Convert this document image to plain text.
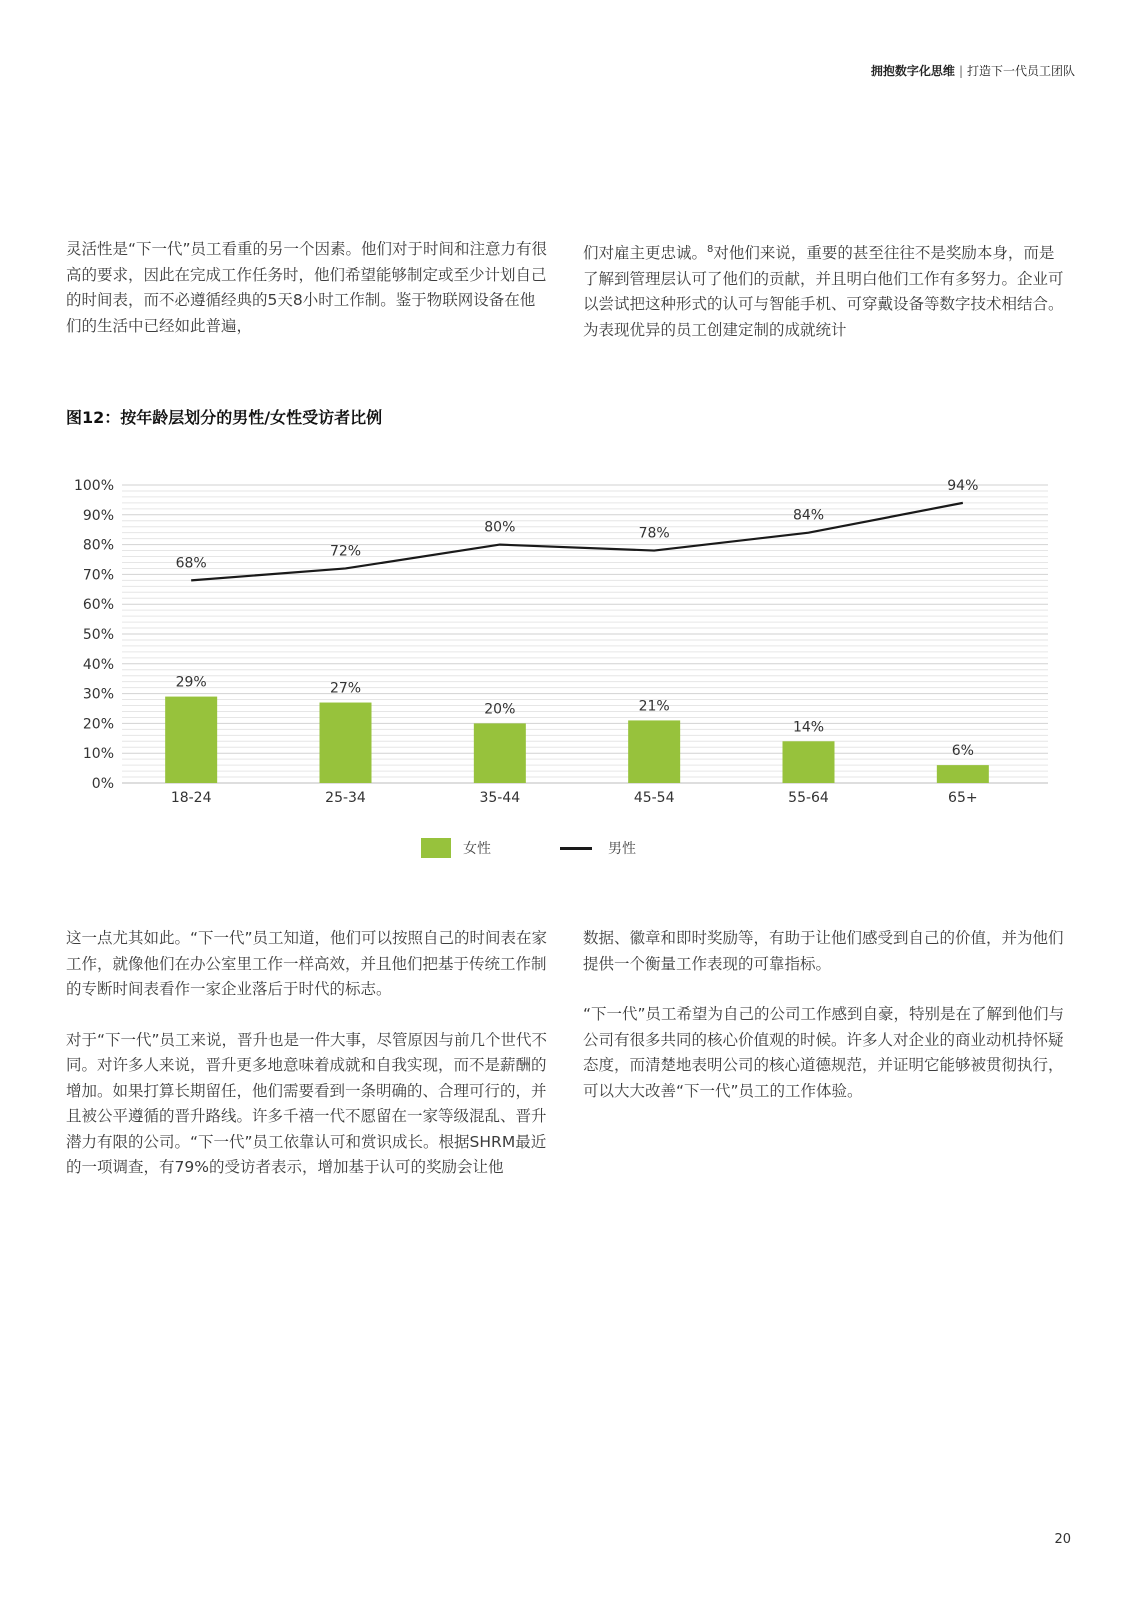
拥抱数字化思维 | 打造下一代员工团队

灵活性是“下一代”员工看重的另一个因素。他们对于时间和注意力有很高的要求，因此在完成工作任务时，他们希望能够制定或至少计划自己的时间表，而不必遵循经典的5天8小时工作制。鉴于物联网设备在他们的生活中已经如此普遍，

们对雇主更忠诚。$^8$对他们来说，重要的甚至往往不是奖励本身，而是了解到管理层认可了他们的贡献，并且明白他们工作有多努力。企业可以尝试把这种形式的认可与智能手机、可穿戴设备等数字技术相结合。为表现优异的员工创建定制的成就统计

图12：按年龄层划分的男性/女性受访者比例
0%
10%
20%
30%
40%
50%
60%
70%
80%
90%
100%
18-24	25-34	35-44	45-54	55-64	65+
29%	27%
20%	21%
14%
6%
68%
72%
80%	78%
84%
94%
女性	男性

这一点尤其如此。“下一代”员工知道，他们可以按照自己的时间表在家工作，就像他们在办公室里工作一样高效，并且他们把基于传统工作制的专断时间表看作一家企业落后于时代的标志。

对于“下一代”员工来说，晋升也是一件大事，尽管原因与前几个世代不同。对许多人来说，晋升更多地意味着成就和自我实现，而不是薪酬的增加。如果打算长期留任，他们需要看到一条明确的、合理可行的，并且被公平遵循的晋升路线。许多千禧一代不愿留在一家等级混乱、晋升潜力有限的公司。“下一代”员工依靠认可和赏识成长。根据SHRM最近的一项调查，有79%的受访者表示，增加基于认可的奖励会让他

数据、徽章和即时奖励等，有助于让他们感受到自己的价值，并为他们提供一个衡量工作表现的可靠指标。

“下一代”员工希望为自己的公司工作感到自豪，特别是在了解到他们与公司有很多共同的核心价值观的时候。许多人对企业的商业动机持怀疑态度，而清楚地表明公司的核心道德规范，并证明它能够被贯彻执行，可以大大改善“下一代”员工的工作体验。

20
